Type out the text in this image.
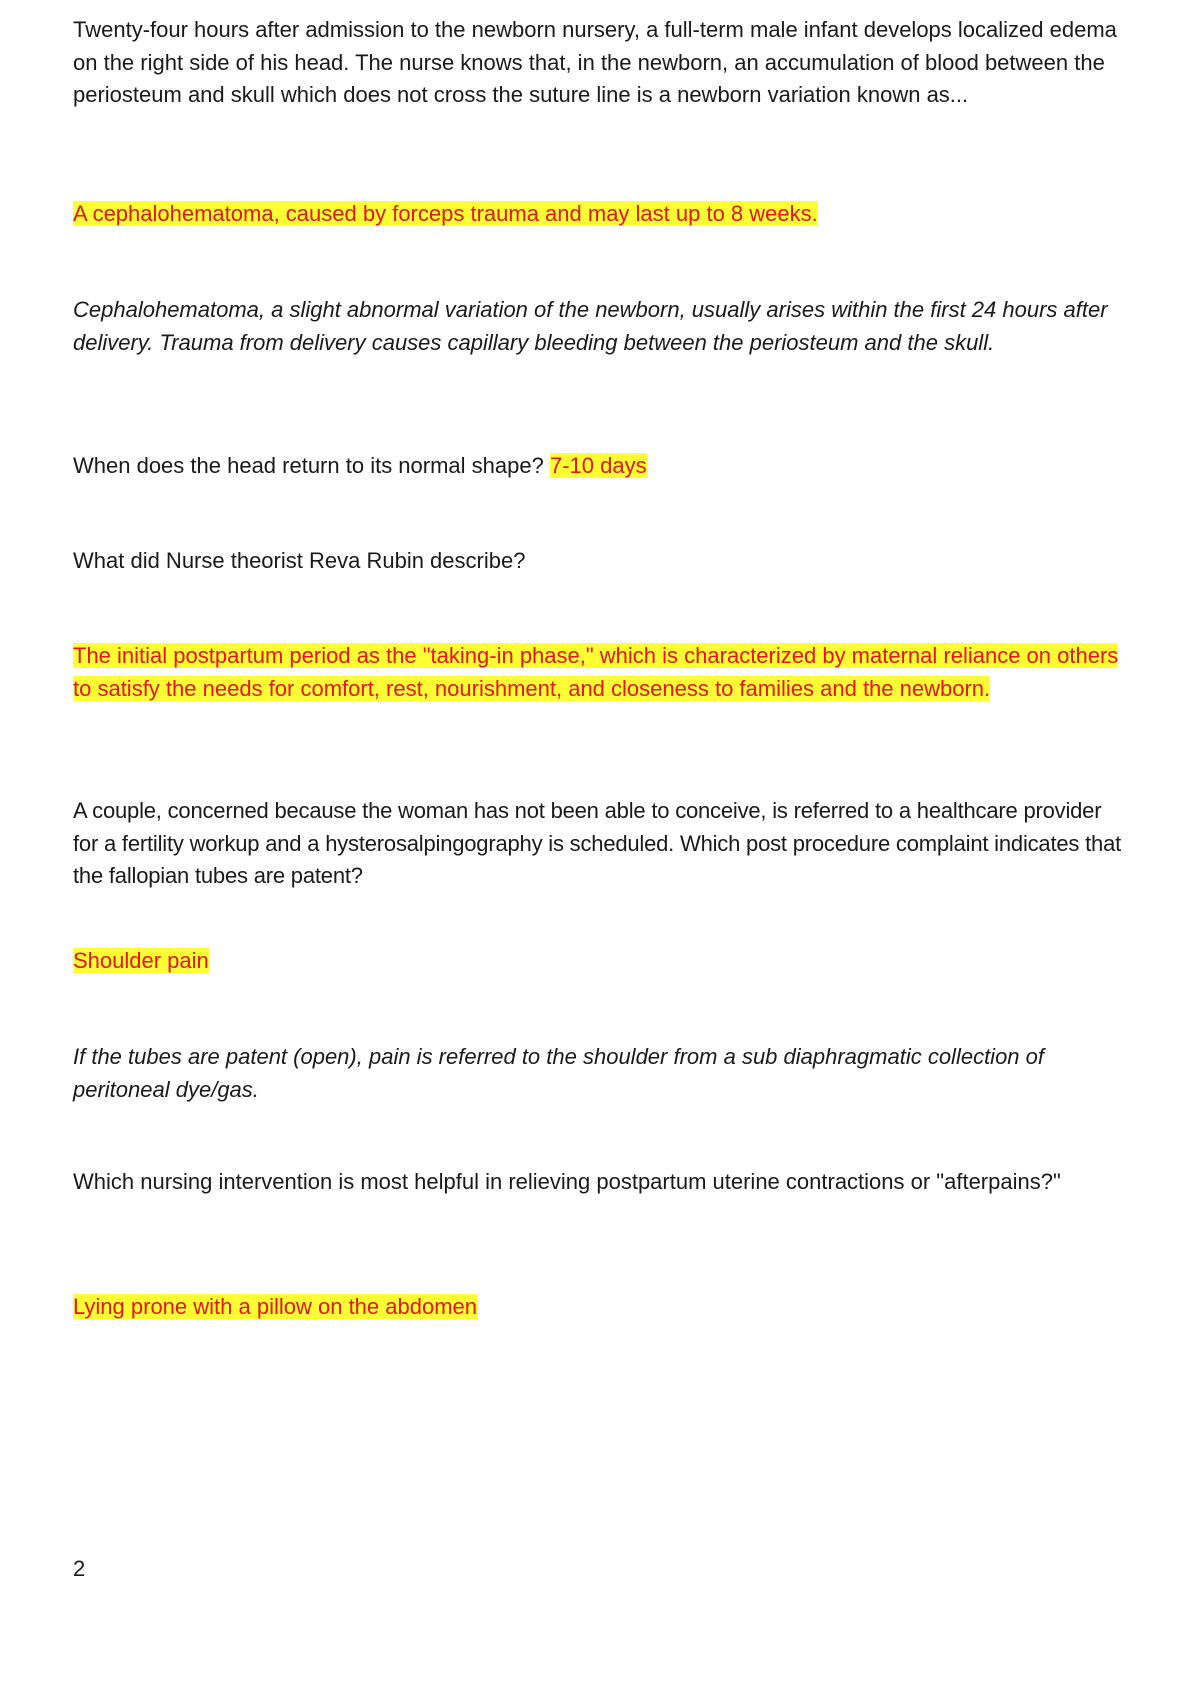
Twenty-four hours after admission to the newborn nursery, a full-term male infant develops localized edema on the right side of his head. The nurse knows that, in the newborn, an accumulation of blood between the periosteum and skull which does not cross the suture line is a newborn variation known as...
A cephalohematoma, caused by forceps trauma and may last up to 8 weeks.
Cephalohematoma, a slight abnormal variation of the newborn, usually arises within the first 24 hours after delivery. Trauma from delivery causes capillary bleeding between the periosteum and the skull.
When does the head return to its normal shape? 7-10 days
What did Nurse theorist Reva Rubin describe?
The initial postpartum period as the "taking-in phase," which is characterized by maternal reliance on others to satisfy the needs for comfort, rest, nourishment, and closeness to families and the newborn.
A couple, concerned because the woman has not been able to conceive, is referred to a healthcare provider for a fertility workup and a hysterosalpingography is scheduled. Which post procedure complaint indicates that the fallopian tubes are patent?
Shoulder pain
If the tubes are patent (open), pain is referred to the shoulder from a sub diaphragmatic collection of peritoneal dye/gas.
Which nursing intervention is most helpful in relieving postpartum uterine contractions or "afterpains?"
Lying prone with a pillow on the abdomen
2
